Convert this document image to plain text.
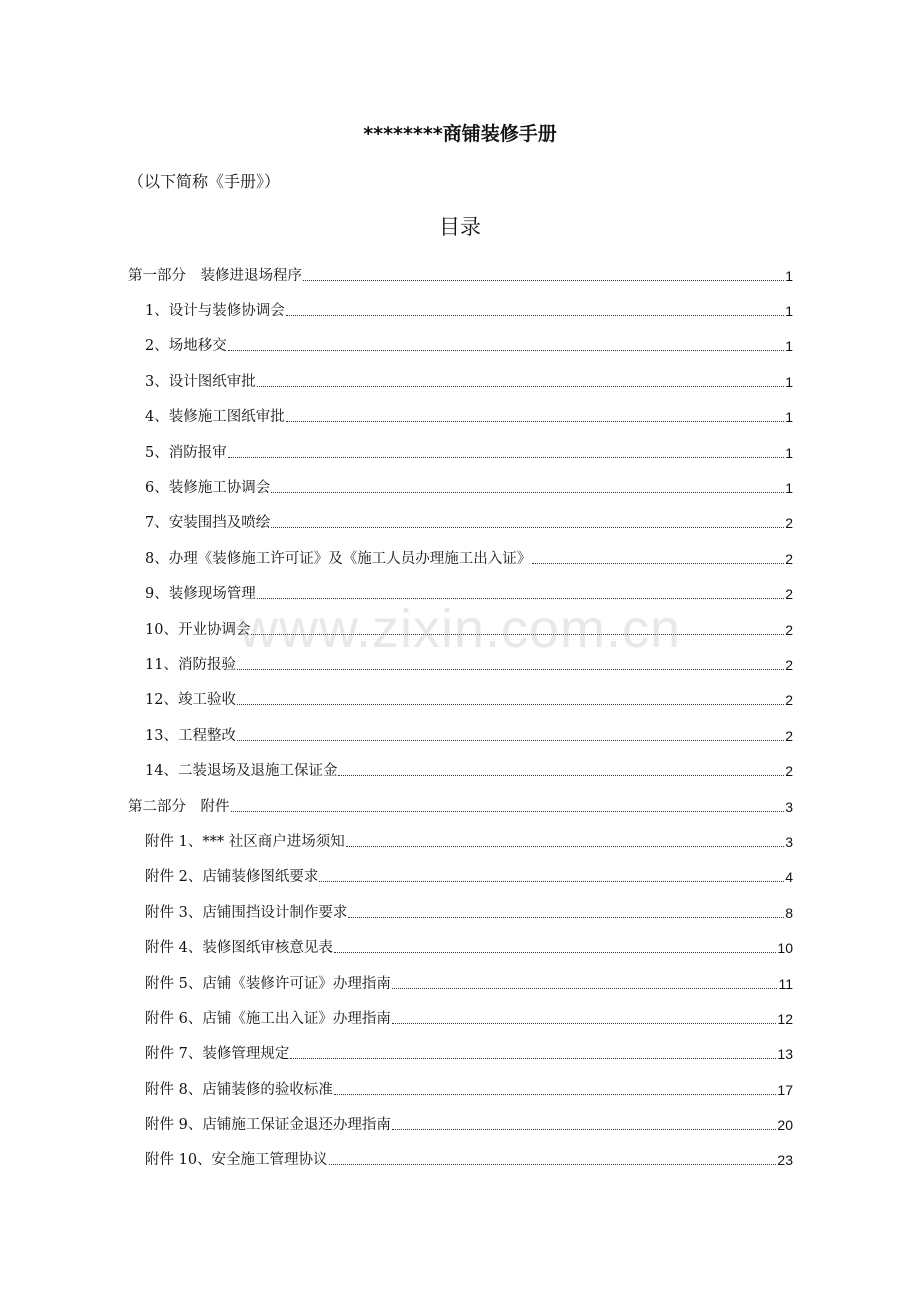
********商铺装修手册
（以下简称《手册》）
目录
第一部分　装修进退场程序	1
1、设计与装修协调会	1
2、场地移交	1
3、设计图纸审批	1
4、装修施工图纸审批	1
5、消防报审	1
6、装修施工协调会	1
7、安装围挡及喷绘	2
8、办理《装修施工许可证》及《施工人员办理施工出入证》	2
9、装修现场管理	2
10、开业协调会	2
11、消防报验	2
12、竣工验收	2
13、工程整改	2
14、二装退场及退施工保证金	2
第二部分　附件	3
附件 1、*** 社区商户进场须知	3
附件 2、店铺装修图纸要求	4
附件 3、店铺围挡设计制作要求	8
附件 4、装修图纸审核意见表	10
附件 5、店铺《装修许可证》办理指南	11
附件 6、店铺《施工出入证》办理指南	12
附件 7、装修管理规定	13
附件 8、店铺装修的验收标准	17
附件 9、店铺施工保证金退还办理指南	20
附件 10、安全施工管理协议	23
www.zixin.com.cn
